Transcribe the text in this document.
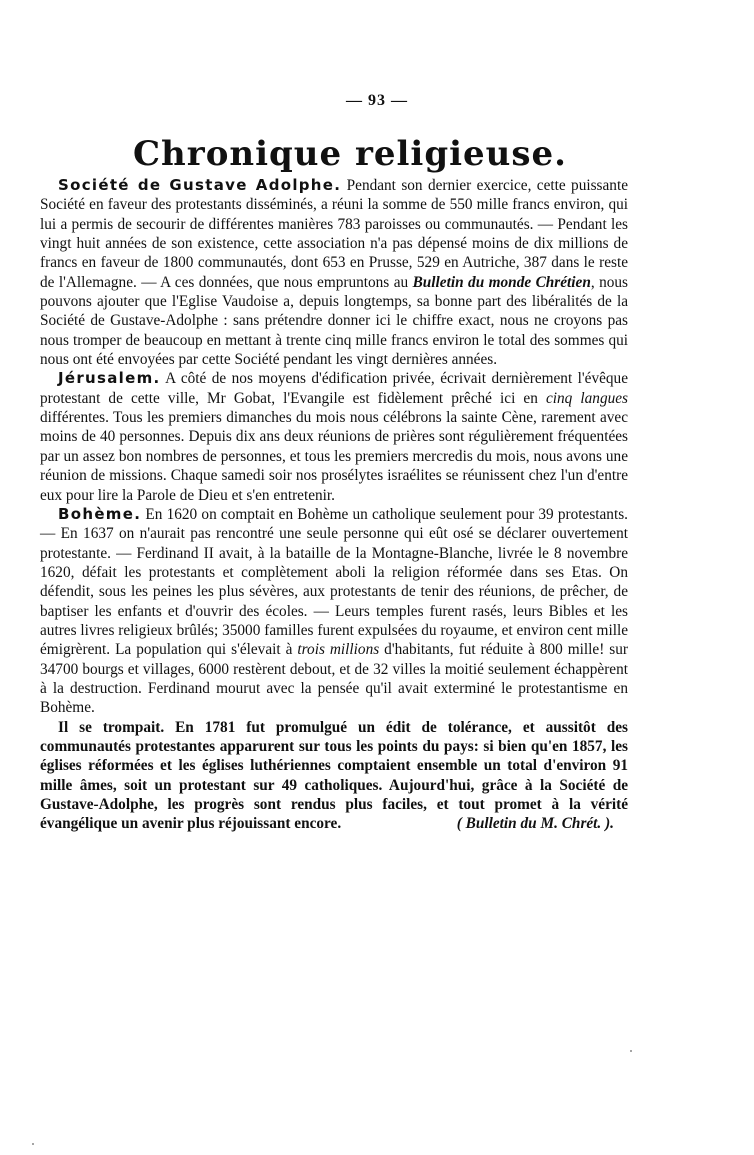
— 93 —
Chronique religieuse.

Société de Gustave Adolphe. Pendant son dernier exercice, cette puissante Société en faveur des protestants disséminés, a réuni la somme de 550 mille francs environ, qui lui a permis de secourir de différentes manières 783 paroisses ou communautés. — Pendant les vingt huit années de son existence, cette association n'a pas dépensé moins de dix millions de francs en faveur de 1800 communautés, dont 653 en Prusse, 529 en Autriche, 387 dans le reste de l'Allemagne. — A ces données, que nous empruntons au Bulletin du monde Chrétien, nous pouvons ajouter que l'Eglise Vaudoise a, depuis longtemps, sa bonne part des libéralités de la Société de Gustave-Adolphe : sans prétendre donner ici le chiffre exact, nous ne croyons pas nous tromper de beaucoup en mettant à trente cinq mille francs environ le total des sommes qui nous ont été envoyées par cette Société pendant les vingt dernières années.

Jérusalem. A côté de nos moyens d'édification privée, écrivait dernièrement l'évêque protestant de cette ville, Mr Gobat, l'Evangile est fidèlement prêché ici en cinq langues différentes. Tous les premiers dimanches du mois nous célébrons la sainte Cène, rarement avec moins de 40 personnes. Depuis dix ans deux réunions de prières sont régulièrement fréquentées par un assez bon nombres de personnes, et tous les premiers mercredis du mois, nous avons une réunion de missions. Chaque samedi soir nos prosélytes israélites se réunissent chez l'un d'entre eux pour lire la Parole de Dieu et s'en entretenir.

Bohème. En 1620 on comptait en Bohème un catholique seulement pour 39 protestants. — En 1637 on n'aurait pas rencontré une seule personne qui eût osé se déclarer ouvertement protestante. — Ferdinand II avait, à la bataille de la Montagne-Blanche, livrée le 8 novembre 1620, défait les protestants et complètement aboli la religion réformée dans ses Etas. On défendit, sous les peines les plus sévères, aux protestants de tenir des réunions, de prêcher, de baptiser les enfants et d'ouvrir des écoles. — Leurs temples furent rasés, leurs Bibles et les autres livres religieux brûlés; 35000 familles furent expulsées du royaume, et environ cent mille émigrèrent. La population qui s'élevait à trois millions d'habitants, fut réduite à 800 mille! sur 34700 bourgs et villages, 6000 restèrent debout, et de 32 villes la moitié seulement échappèrent à la destruction. Ferdinand mourut avec la pensée qu'il avait exterminé le protestantisme en Bohème.

Il se trompait. En 1781 fut promulgué un édit de tolérance, et aussitôt des communautés protestantes apparurent sur tous les points du pays: si bien qu'en 1857, les églises réformées et les églises luthériennes comptaient ensemble un total d'environ 91 mille âmes, soit un protestant sur 49 catholiques. Aujourd'hui, grâce à la Société de Gustave-Adolphe, les progrès sont rendus plus faciles, et tout promet à la vérité évangélique un avenir plus réjouissant encore.	( Bulletin du M. Chrét. ).
